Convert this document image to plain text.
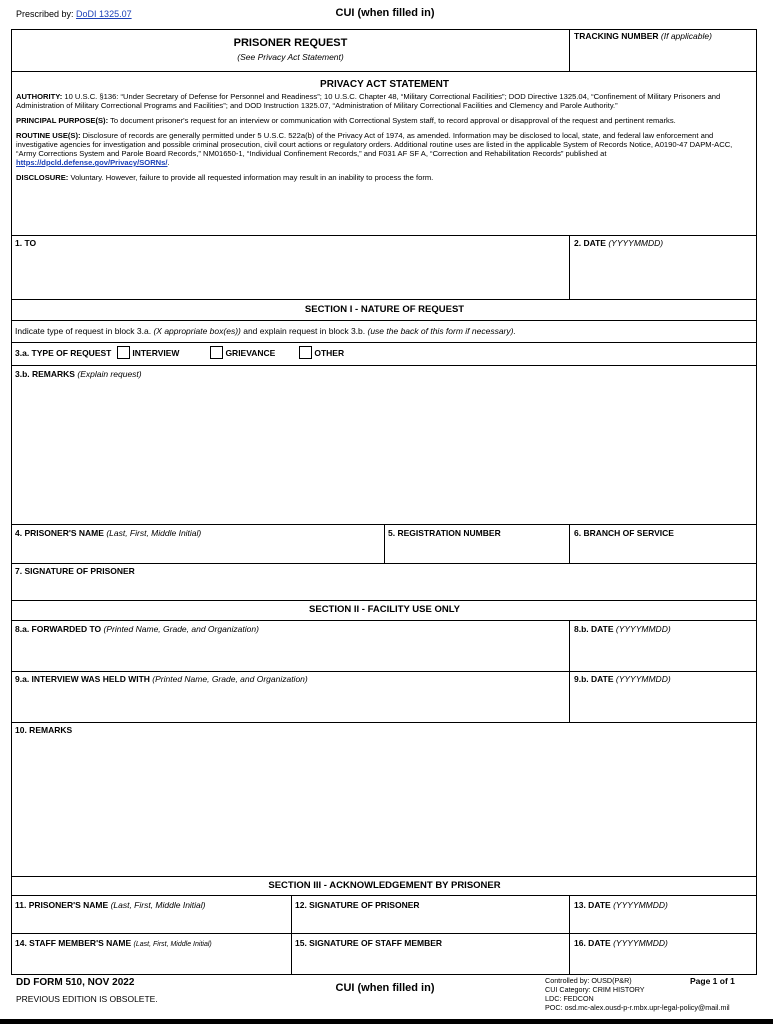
Prescribed by: DoDI 1325.07	CUI (when filled in)
PRISONER REQUEST
(See Privacy Act Statement)
TRACKING NUMBER (If applicable)
PRIVACY ACT STATEMENT

AUTHORITY: 10 U.S.C. §136: “Under Secretary of Defense for Personnel and Readiness”; 10 U.S.C. Chapter 48, “Military Correctional Facilities”; DOD Directive 1325.04, “Confinement of Military Prisoners and Administration of Military Correctional Programs and Facilities”; and DOD Instruction 1325.07, “Administration of Military Correctional Facilities and Clemency and Parole Authority.”

PRINCIPAL PURPOSE(S): To document prisoner's request for an interview or communication with Correctional System staff, to record approval or disapproval of the request and pertinent remarks.

ROUTINE USE(S): Disclosure of records are generally permitted under 5 U.S.C. 522a(b) of the Privacy Act of 1974, as amended. Information may be disclosed to local, state, and federal law enforcement and investigative agencies for investigation and possible criminal prosecution, civil court actions or regulatory orders. Additional routine uses are listed in the applicable System of Records Notice, A0190-47 DAPM-ACC, “Army Corrections System and Parole Board Records,” NM01650-1, “Individual Confinement Records,” and F031 AF SF A, “Correction and Rehabilitation Records” published at https://dpcld.defense.gov/Privacy/SORNs/.

DISCLOSURE: Voluntary. However, failure to provide all requested information may result in an inability to process the form.

1. TO	2. DATE (YYYYMMDD)
SECTION I - NATURE OF REQUEST
Indicate type of request in block 3.a. (X appropriate box(es)) and explain request in block 3.b. (use the back of this form if necessary).
3.a. TYPE OF REQUEST INTERVIEW	GRIEVANCE	OTHER
3.b. REMARKS (Explain request)
4. PRISONER'S NAME (Last, First, Middle Initial)	5. REGISTRATION NUMBER	6. BRANCH OF SERVICE
7. SIGNATURE OF PRISONER
SECTION II - FACILITY USE ONLY
8.a. FORWARDED TO (Printed Name, Grade, and Organization)	8.b. DATE (YYYYMMDD)
9.a. INTERVIEW WAS HELD WITH (Printed Name, Grade, and Organization)	9.b. DATE (YYYYMMDD)
10. REMARKS
SECTION III - ACKNOWLEDGEMENT BY PRISONER
11. PRISONER'S NAME (Last, First, Middle Initial)	12. SIGNATURE OF PRISONER	13. DATE (YYYYMMDD)
14. STAFF MEMBER'S NAME (Last, First, Middle Initial)	15. SIGNATURE OF STAFF MEMBER	16. DATE (YYYYMMDD)
DD FORM 510, NOV 2022
PREVIOUS EDITION IS OBSOLETE.
CUI (when filled in)
Controlled by: OUSD(P&R)
CUI Category: CRIM HISTORY
LDC: FEDCON
POC: osd.mc-alex.ousd-p-r.mbx.upr-legal-policy@mail.mil
Page 1 of 1
